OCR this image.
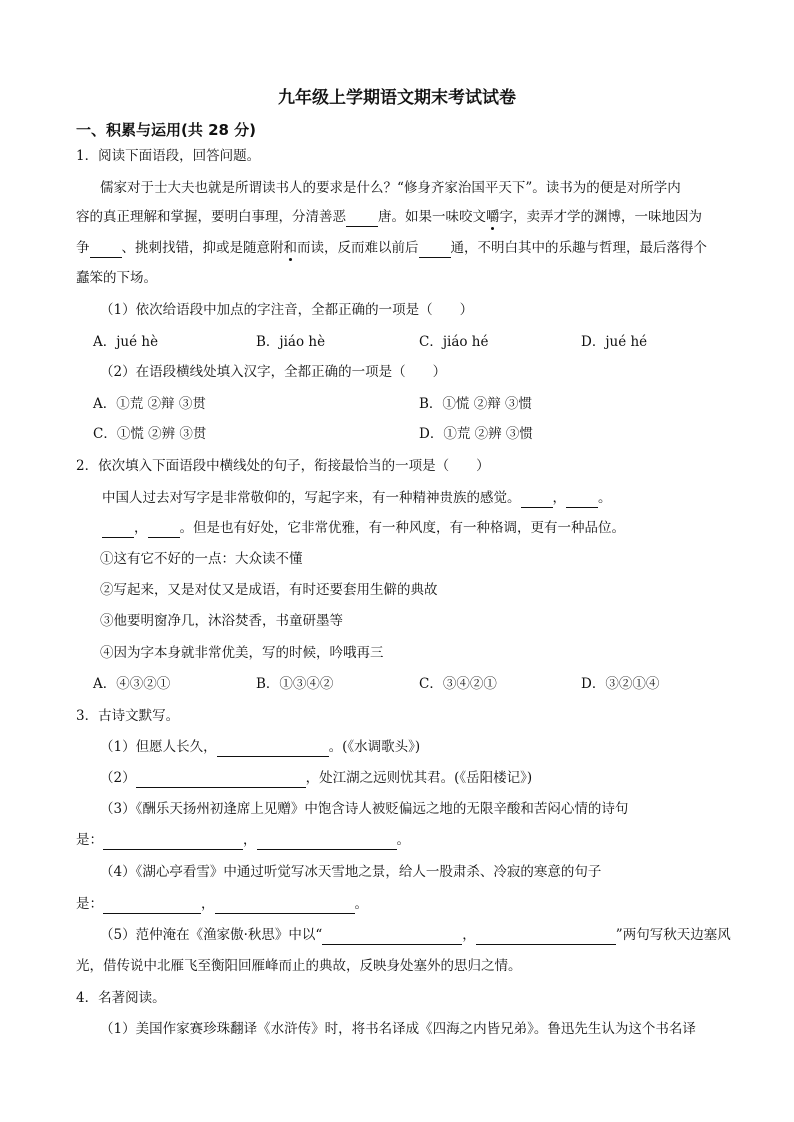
九年级上学期语文期末考试试卷
一、积累与运用(共 28 分)
1．阅读下面语段，回答问题。
儒家对于士大夫也就是所谓读书人的要求是什么？“修身齐家治国平天下”。读书为的便是对所学内
容的真正理解和掌握，要明白事理，分清善恶 唐。如果一味咬文嚼字，卖弄才学的渊博，一味地因为
争 、挑刺找错，抑或是随意附和而读，反而难以前后 通，不明白其中的乐趣与哲理，最后落得个
蠢笨的下场。
（1）依次给语段中加点的字注音，全都正确的一项是（　　）
A．jué hè	B．jiáo hè	C．jiáo hé	D．jué hé
（2）在语段横线处填入汉字，全都正确的一项是（　　）
A．①荒 ②辩 ③贯	B．①慌 ②辩 ③惯
C．①慌 ②辨 ③贯	D．①荒 ②辨 ③惯
2．依次填入下面语段中横线处的句子，衔接最恰当的一项是（　　）
中国人过去对写字是非常敬仰的，写起字来，有一种精神贵族的感觉。 ， 。
， 。但是也有好处，它非常优雅，有一种风度，有一种格调，更有一种品位。
①这有它不好的一点：大众读不懂
②写起来，又是对仗又是成语，有时还要套用生僻的典故
③他要明窗净几，沐浴焚香，书童研墨等
④因为字本身就非常优美，写的时候，吟哦再三
A．④③②①	B．①③④②	C．③④②①	D．③②①④
3．古诗文默写。
（1）但愿人长久，	。(《水调歌头》)
（2）	，处江湖之远则忧其君。(《岳阳楼记》)
（3）《酬乐天扬州初逢席上见赠》中饱含诗人被贬偏远之地的无限辛酸和苦闷心情的诗句
是：	，	。
（4）《湖心亭看雪》中通过听觉写冰天雪地之景，给人一股肃杀、冷寂的寒意的句子
是：	，	。
（5）范仲淹在《渔家傲·秋思》中以“	，	”两句写秋天边塞风
光，借传说中北雁飞至衡阳回雁峰而止的典故，反映身处塞外的思归之情。
4．名著阅读。
（1）美国作家赛珍珠翻译《水浒传》时，将书名译成《四海之内皆兄弟》。鲁迅先生认为这个书名译
